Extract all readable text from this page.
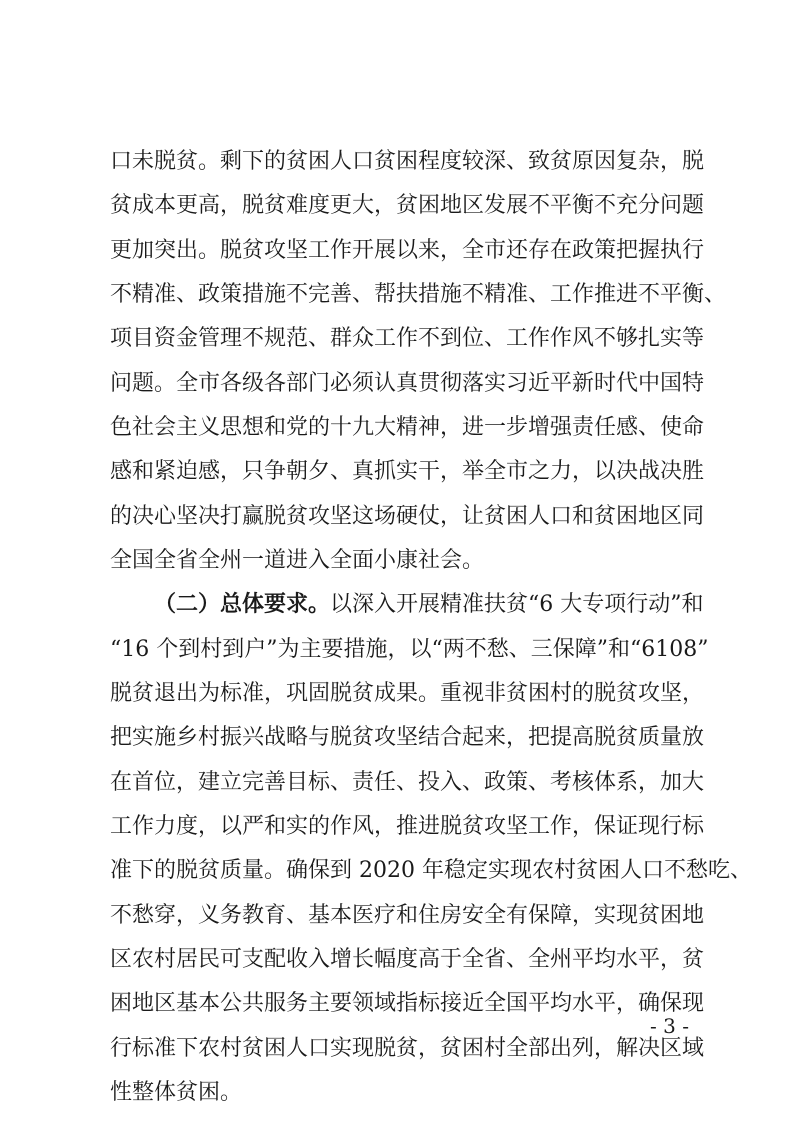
口未脱贫。剩下的贫困人口贫困程度较深、致贫原因复杂，脱
贫成本更高，脱贫难度更大，贫困地区发展不平衡不充分问题
更加突出。脱贫攻坚工作开展以来，全市还存在政策把握执行
不精准、政策措施不完善、帮扶措施不精准、工作推进不平衡、
项目资金管理不规范、群众工作不到位、工作作风不够扎实等
问题。全市各级各部门必须认真贯彻落实习近平新时代中国特
色社会主义思想和党的十九大精神，进一步增强责任感、使命
感和紧迫感，只争朝夕、真抓实干，举全市之力，以决战决胜
的决心坚决打赢脱贫攻坚这场硬仗，让贫困人口和贫困地区同
全国全省全州一道进入全面小康社会。
（二）总体要求。以深入开展精准扶贫“6 大专项行动”和
“16 个到村到户”为主要措施，以“两不愁、三保障”和“6108”
脱贫退出为标准，巩固脱贫成果。重视非贫困村的脱贫攻坚，
把实施乡村振兴战略与脱贫攻坚结合起来，把提高脱贫质量放
在首位，建立完善目标、责任、投入、政策、考核体系，加大
工作力度，以严和实的作风，推进脱贫攻坚工作，保证现行标
准下的脱贫质量。确保到 2020 年稳定实现农村贫困人口不愁吃、
不愁穿，义务教育、基本医疗和住房安全有保障，实现贫困地
区农村居民可支配收入增长幅度高于全省、全州平均水平，贫
困地区基本公共服务主要领域指标接近全国平均水平，确保现
行标准下农村贫困人口实现脱贫，贫困村全部出列，解决区域
性整体贫困。
- 3 -
